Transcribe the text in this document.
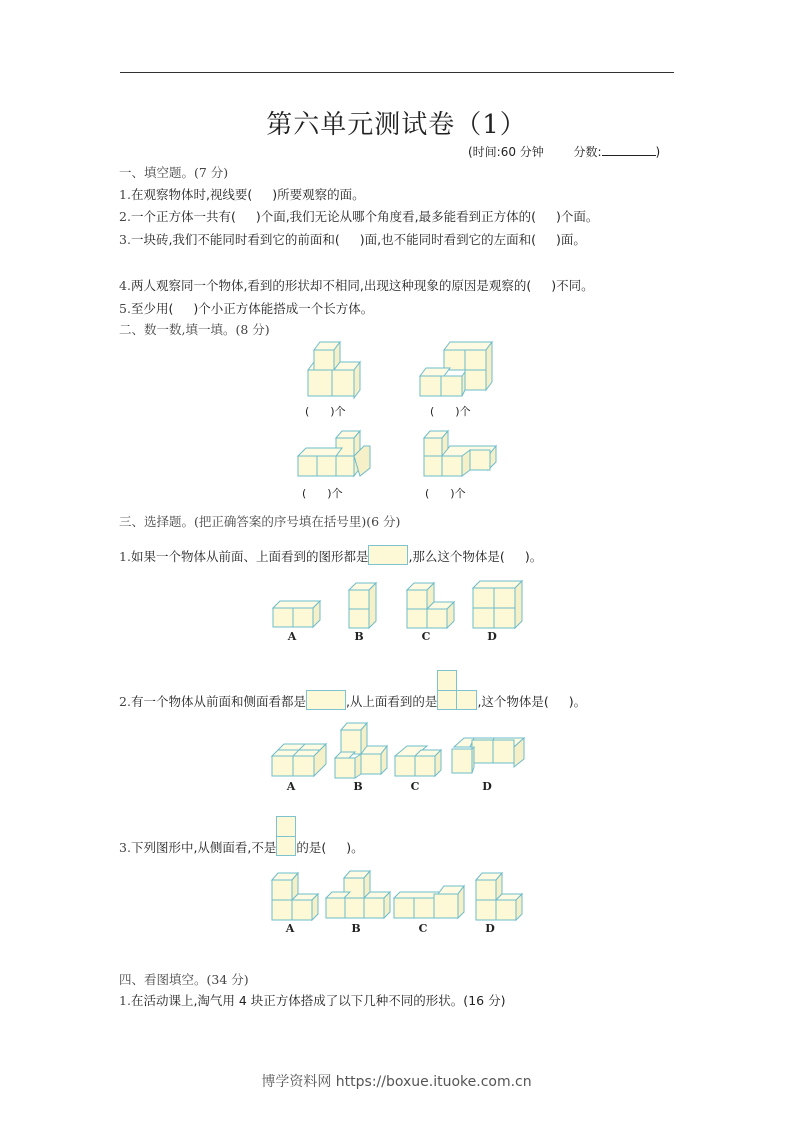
第六单元测试卷（1）
(时间:60 分钟 分数:	)
一、填空题。(7 分)
1.在观察物体时,视线要( )所要观察的面。
2.一个正方体一共有( )个面,我们无论从哪个角度看,最多能看到正方体的( )个面。
3.一块砖,我们不能同时看到它的前面和( )面,也不能同时看到它的左面和( )面。
4.两人观察同一个物体,看到的形状却不相同,出现这种现象的原因是观察的( )不同。
5.至少用( )个小正方体能搭成一个长方体。
二、数一数,填一填。(8 分)
(      )个	(      )个
(      )个	(      )个
三、选择题。(把正确答案的序号填在括号里)(6 分)
1.如果一个物体从前面、上面看到的图形都是	,那么这个物体是( )。
A	B	C	D
2.有一个物体从前面和侧面看都是	,从上面看到的是	,这个物体是( )。
A	B	C	D
3.下列图形中,从侧面看,不是 的是( )。
A	B	C	D
四、看图填空。(34 分)
1.在活动课上,淘气用 4 块正方体搭成了以下几种不同的形状。(16 分)
博学资料网 https://boxue.ituoke.com.cn
